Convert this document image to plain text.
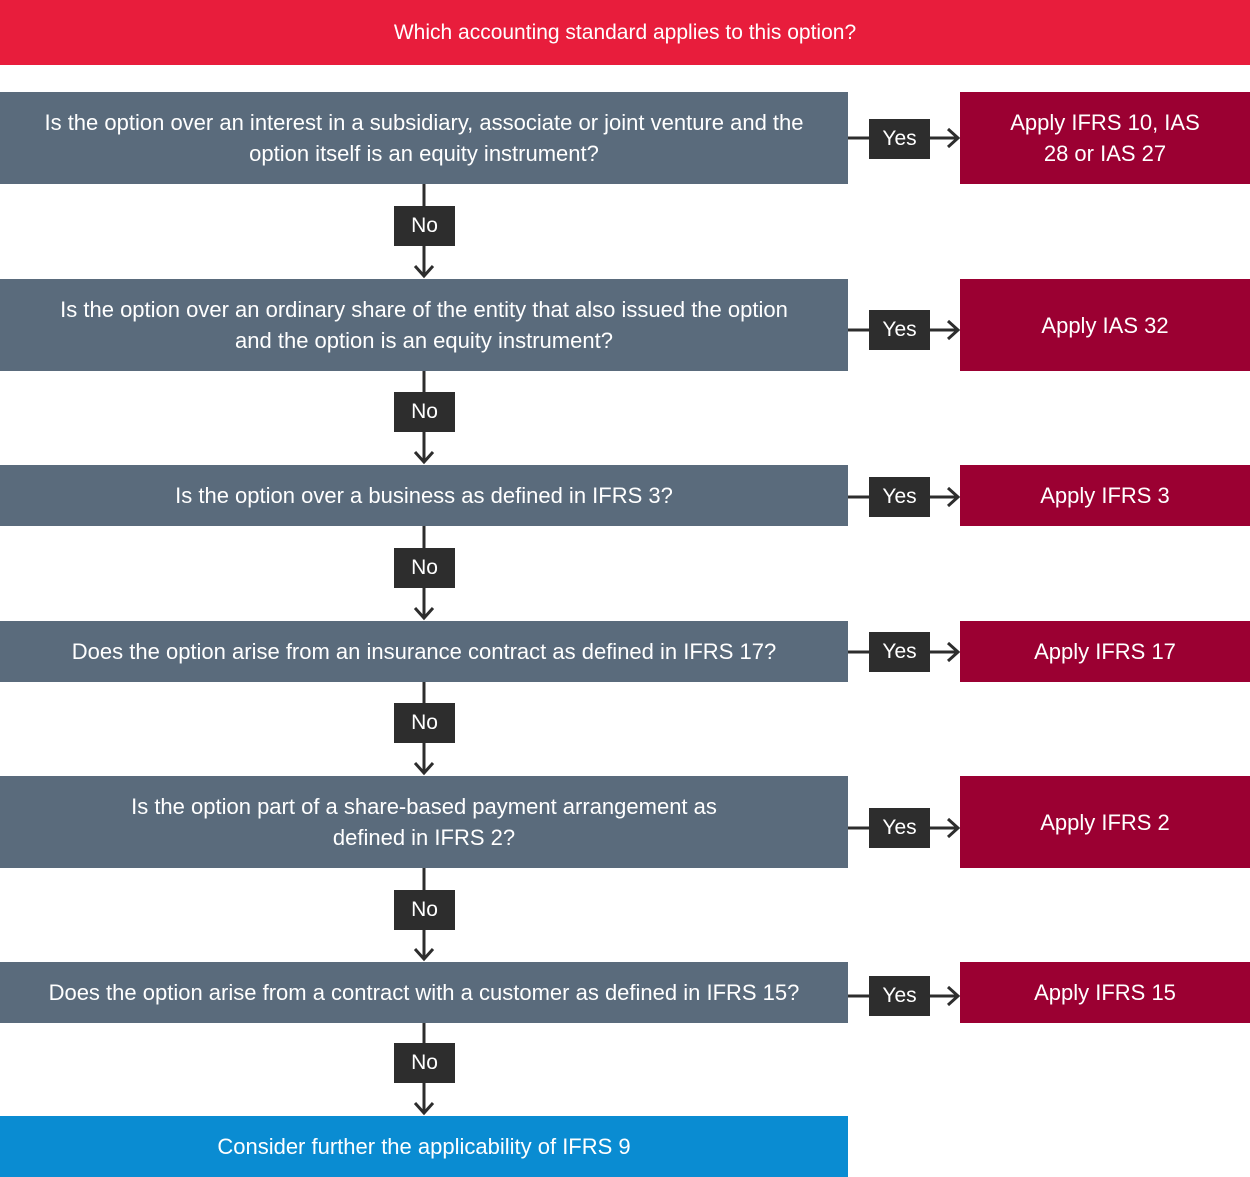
Which accounting standard applies to this option?
Is the option over an interest in a subsidiary, associate or joint venture and the option itself is an equity instrument?
Yes
Apply IFRS 10, IAS 28 or IAS 27
No
Is the option over an ordinary share of the entity that also issued the option and the option is an equity instrument?	Yes	Apply IAS 32
No
Is the option over a business as defined in IFRS 3?	Yes	Apply IFRS 3
No
Does the option arise from an insurance contract as defined in IFRS 17?	Yes	Apply IFRS 17
No
Is the option part of a share-based payment arrangement as defined in IFRS 2?	Yes	Apply IFRS 2
No
Does the option arise from a contract with a customer as defined in IFRS 15?	Yes	Apply IFRS 15
No
Consider further the applicability of IFRS 9
